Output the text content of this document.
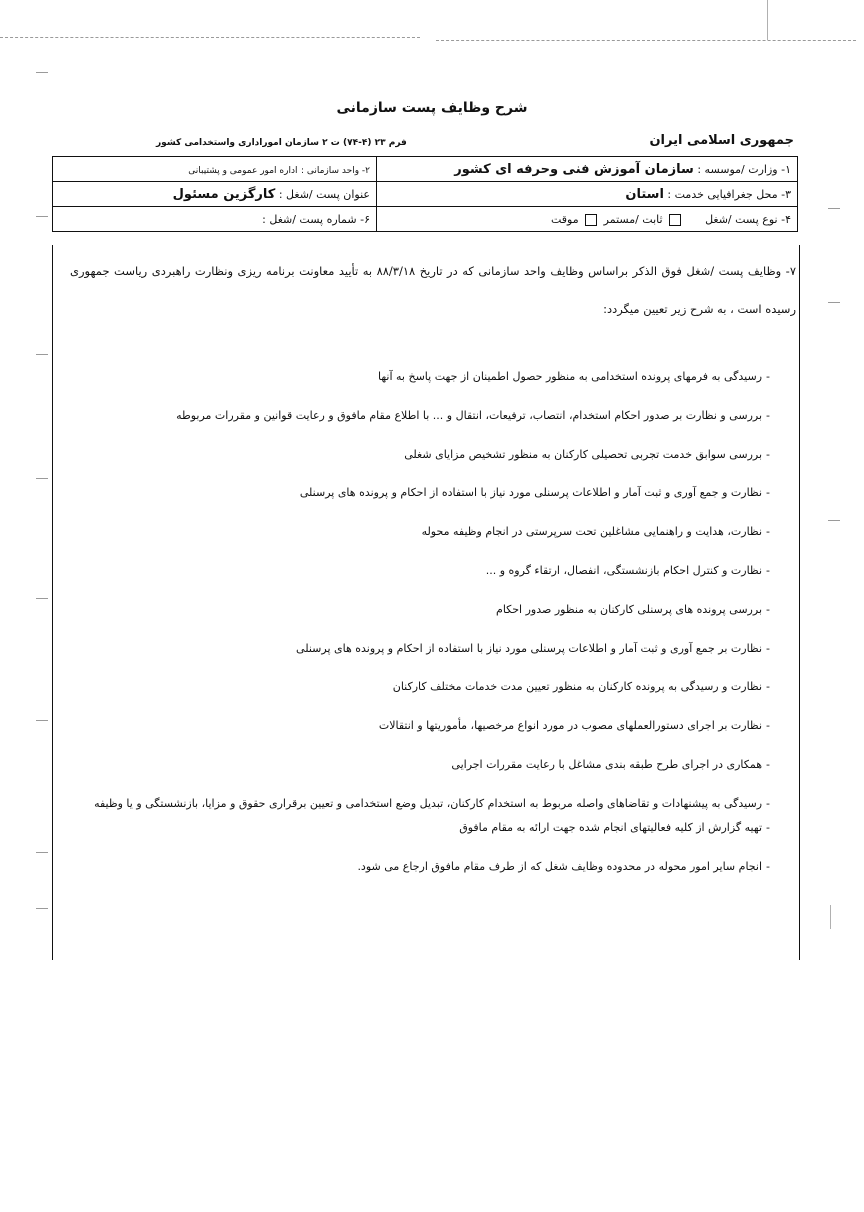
شرح وظایف پست سازمانی
جمهوری اسلامی ایران
فرم ۲۳ (۴-۷۴) ت ۲ سازمان اموراداری واستخدامی کشور
۱- وزارت /موسسه : سازمان آموزش فنی وحرفه ای کشور	۲- واحد سازمانی : اداره امور عمومی و پشتیبانی
۳- محل جغرافیایی خدمت : استان	عنوان پست /شغل : کارگزین مسئول
۴- نوع پست /شغل       ثابت /مستمر  موقت	۶- شماره پست /شغل :
۷- وظایف پست /شغل فوق الذکر براساس وظایف واحد سازمانی که در تاریخ ۸۸/۳/۱۸ به تأیید معاونت برنامه ریزی ونظارت راهبردی ریاست جمهوری رسیده است ، به شرح زیر تعیین میگردد:
-رسیدگی به فرمهای پرونده استخدامی به منظور حصول اطمینان از جهت پاسخ به آنها
-بررسی و نظارت بر صدور احکام استخدام، انتصاب، ترفیعات، انتقال و ... با اطلاع مقام مافوق و رعایت قوانین و مقررات مربوطه
-بررسی سوابق خدمت تجربی تحصیلی کارکنان به منظور تشخیص مزایای شغلی
-نظارت و جمع آوری و ثبت آمار و اطلاعات پرسنلی مورد نیاز با استفاده از احکام و پرونده های پرسنلی
-نظارت، هدایت و راهنمایی مشاغلین تحت سرپرستی در انجام وظیفه محوله
-نظارت و کنترل احکام بازنشستگی، انفصال، ارتقاء گروه و ...
-بررسی پرونده های پرسنلی کارکنان به منظور صدور احکام
-نظارت بر جمع آوری و ثبت آمار و اطلاعات پرسنلی مورد نیاز با استفاده از احکام و پرونده های پرسنلی
-نظارت و رسیدگی به پرونده کارکنان به منظور تعیین مدت خدمات مختلف کارکنان
-نظارت بر اجرای دستورالعملهای مصوب در مورد انواع مرخصیها، مأموریتها و انتقالات
-همکاری در اجرای طرح طبقه بندی مشاغل با رعایت مقررات اجرایی
-رسیدگی به پیشنهادات و تقاضاهای واصله مربوط به استخدام کارکنان، تبدیل وضع استخدامی و تعیین برقراری حقوق و مزایا، بازنشستگی و یا وظیفه
-تهیه گزارش از کلیه فعالیتهای انجام شده جهت ارائه به مقام مافوق
-انجام سایر امور محوله در محدوده وظایف شغل که از طرف مقام مافوق ارجاع می شود.
